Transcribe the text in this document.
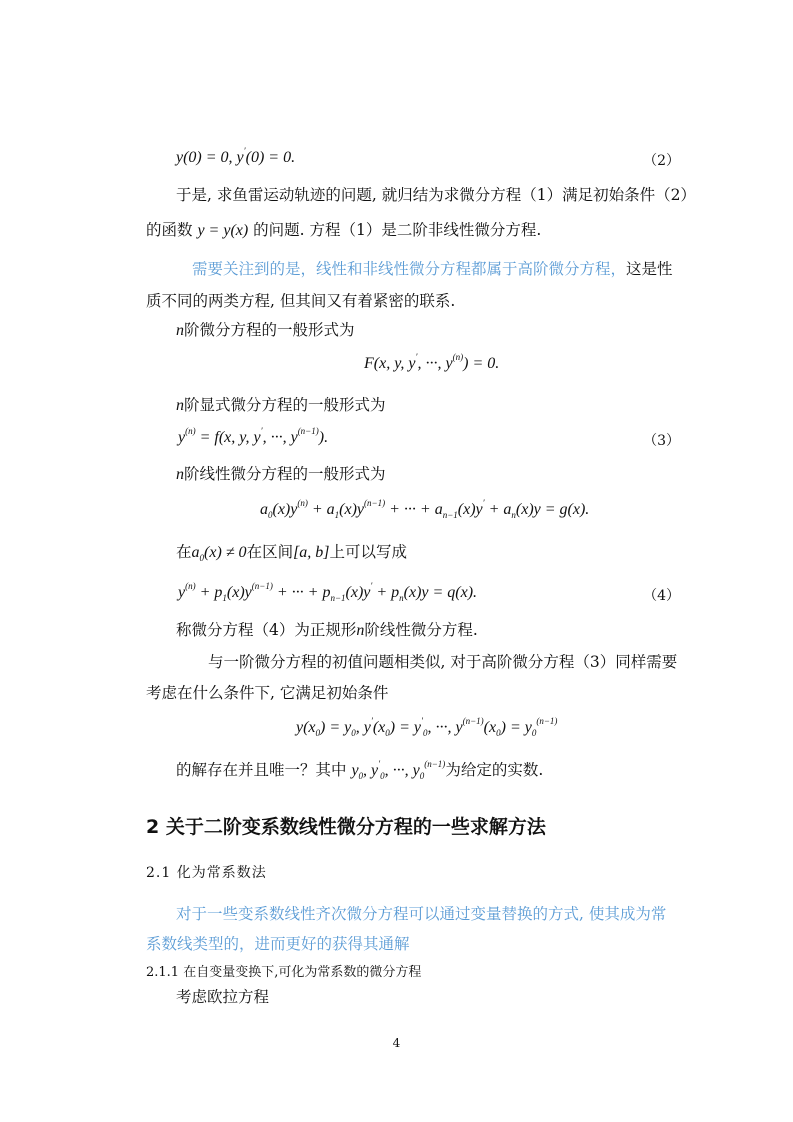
y(0) = 0, y′(0) = 0.	（2）
于是, 求鱼雷运动轨迹的问题, 就归结为求微分方程（1）满足初始条件（2）
的函数 y = y(x) 的问题. 方程（1）是二阶非线性微分方程.
需要关注到的是，线性和非线性微分方程都属于高阶微分方程，这是性
质不同的两类方程, 但其间又有着紧密的联系.
n阶微分方程的一般形式为
F(x, y, y′, ···, $y^{(n)}) = 0$.
n阶显式微分方程的一般形式为
$y^{(n)} = f(x$, y, y′, ···, $y^{(n-1)}$).	（3）
n阶线性微分方程的一般形式为
$a_0(x)y^{(n)} + a_1(x)y^{(n-1)}$ + ··· + $a_{n-1}(x)y' + a_n(x)y = g(x)$.
在$a_0(x) \ne 0$在区间[a, b]上可以写成
$y^{(n)} + p_1(x)y^{(n-1)}$ + ··· + $p_{n-1}(x)y' + p_n(x)y = q(x)$.	（4）
称微分方程（4）为正规形n阶线性微分方程.
与一阶微分方程的初值问题相类似, 对于高阶微分方程（3）同样需要
考虑在什么条件下, 它满足初始条件
$y(x_0) = y_0$, $y'(x_0) = y'_0$, ···, $y^{(n-1)}(x_0) = y_0^{(n-1)}$
的解存在并且唯一？其中 $y_0$, $y'_0$, ···, $y_0^{(n-1)}$为给定的实数.
2 关于二阶变系数线性微分方程的一些求解方法
2.1 化为常系数法
对于一些变系数线性齐次微分方程可以通过变量替换的方式, 使其成为常
系数线类型的，进而更好的获得其通解
2.1.1 在自变量变换下,可化为常系数的微分方程
考虑欧拉方程
4
